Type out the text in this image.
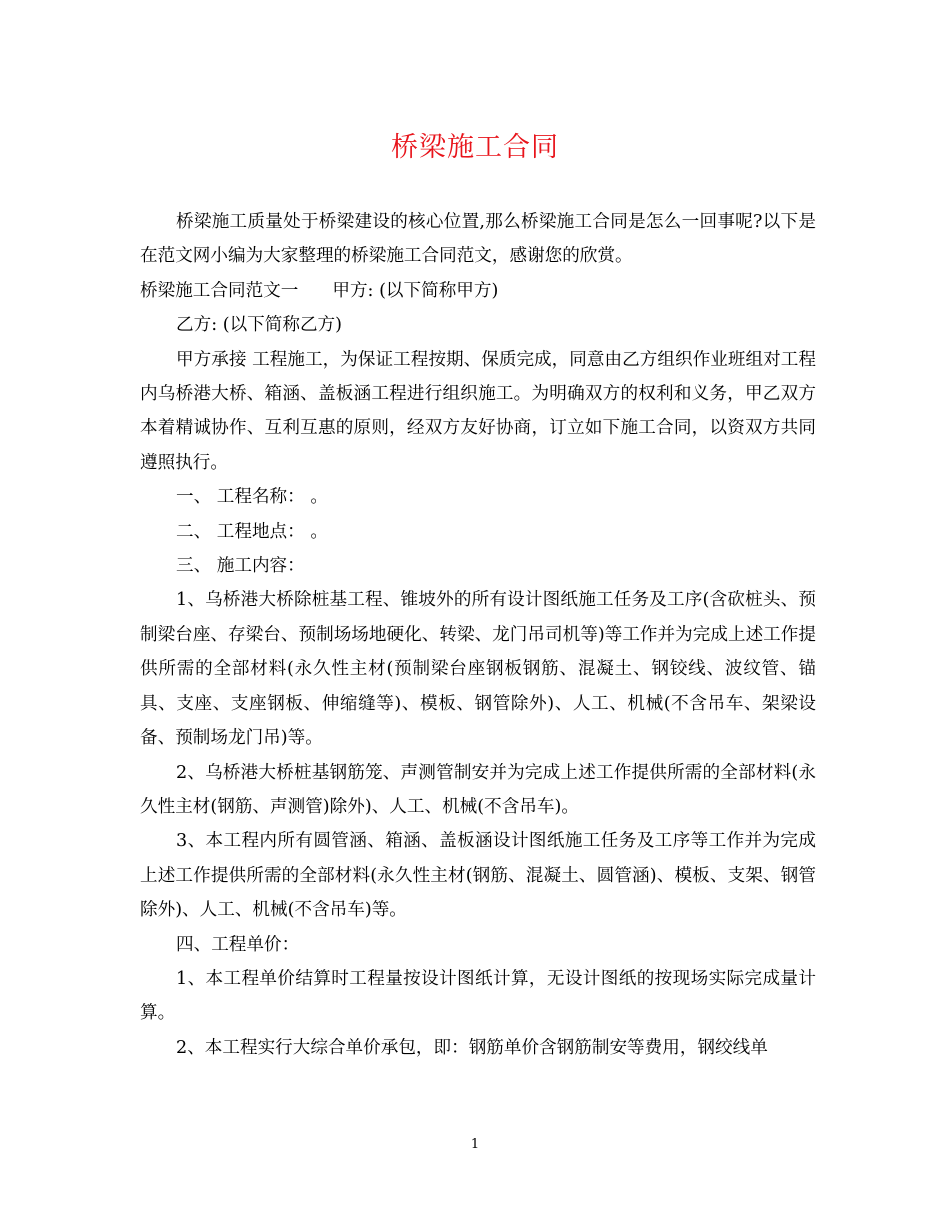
桥梁施工合同

桥梁施工质量处于桥梁建设的核心位置,那么桥梁施工合同是怎么一回事呢?以下是在范文网小编为大家整理的桥梁施工合同范文，感谢您的欣赏。

桥梁施工合同范文一 甲方: (以下简称甲方)

乙方: (以下简称乙方)

甲方承接 工程施工，为保证工程按期、保质完成，同意由乙方组织作业班组对工程内乌桥港大桥、箱涵、盖板涵工程进行组织施工。为明确双方的权利和义务，甲乙双方本着精诚协作、互利互惠的原则，经双方友好协商，订立如下施工合同，以资双方共同遵照执行。

一、 工程名称： 。

二、 工程地点： 。

三、 施工内容：

1、乌桥港大桥除桩基工程、锥坡外的所有设计图纸施工任务及工序(含砍桩头、预制梁台座、存梁台、预制场场地硬化、转梁、龙门吊司机等)等工作并为完成上述工作提供所需的全部材料(永久性主材(预制梁台座钢板钢筋、混凝土、钢铰线、波纹管、锚具、支座、支座钢板、伸缩缝等)、模板、钢管除外)、人工、机械(不含吊车、架梁设备、预制场龙门吊)等。

2、乌桥港大桥桩基钢筋笼、声测管制安并为完成上述工作提供所需的全部材料(永久性主材(钢筋、声测管)除外)、人工、机械(不含吊车)。

3、本工程内所有圆管涵、箱涵、盖板涵设计图纸施工任务及工序等工作并为完成上述工作提供所需的全部材料(永久性主材(钢筋、混凝土、圆管涵)、模板、支架、钢管除外)、人工、机械(不含吊车)等。

四、工程单价：

1、本工程单价结算时工程量按设计图纸计算，无设计图纸的按现场实际完成量计算。

2、本工程实行大综合单价承包，即：钢筋单价含钢筋制安等费用，钢绞线单

1
